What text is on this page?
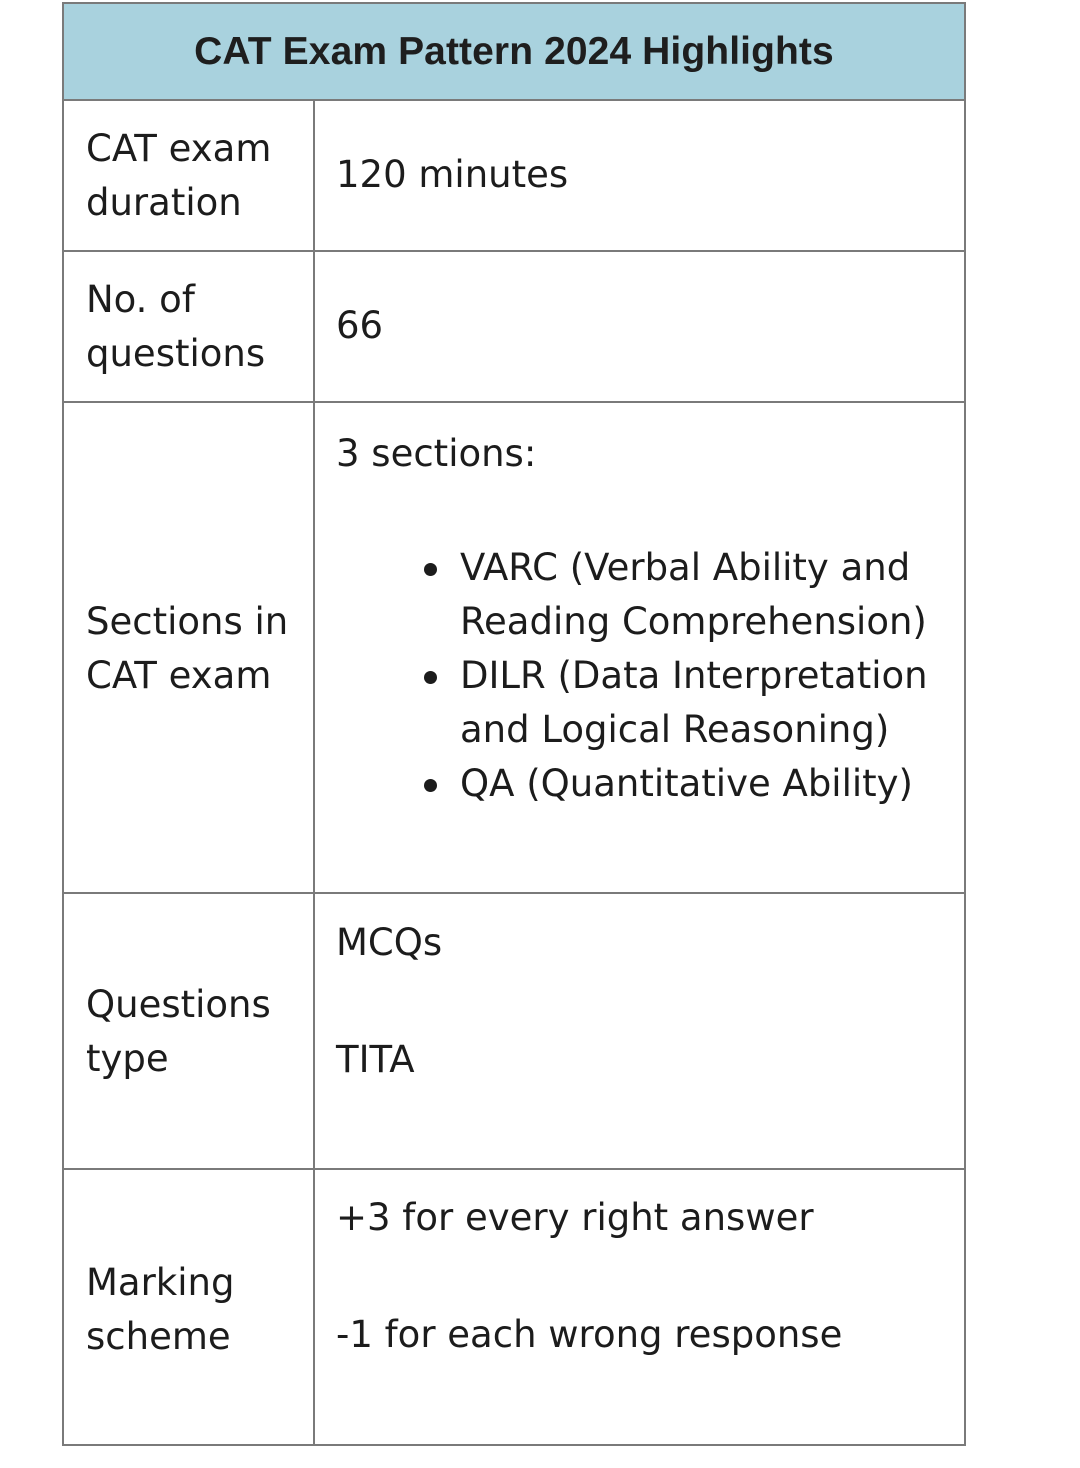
CAT Exam Pattern 2024 Highlights
CAT exam duration
120 minutes
No. of questions
66
Sections in CAT exam
3 sections:
VARC (Verbal Ability and
Reading Comprehension)
DILR (Data Interpretation
and Logical Reasoning)
QA (Quantitative Ability)
Questions type
MCQs
TITA
Marking scheme
+3 for every right answer
-1 for each wrong response
